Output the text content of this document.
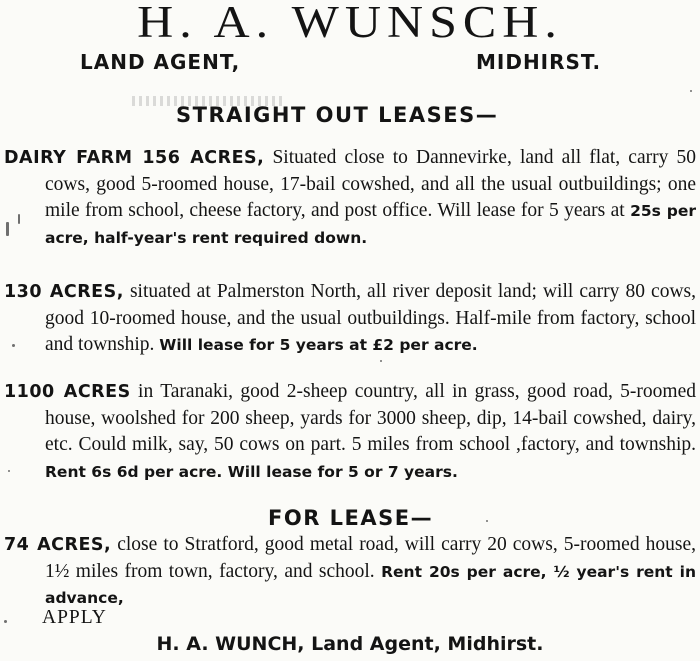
H. A. WUNSCH.
LAND AGENT,	MIDHIRST.
STRAIGHT OUT LEASES—
DAIRY FARM 156 ACRES, Situated close to Dannevirke, land all flat, carry 50 cows, good 5-roomed house, 17-bail cowshed, and all the usual outbuildings; one mile from school, cheese factory, and post office. Will lease for 5 years at 25s per acre, half-year's rent required down.
130 ACRES, situated at Palmerston North, all river deposit land; will carry 80 cows, good 10-roomed house, and the usual outbuildings. Half-mile from factory, school and township. Will lease for 5 years at £2 per acre.
1100 ACRES in Taranaki, good 2-sheep country, all in grass, good road, 5-roomed house, woolshed for 200 sheep, yards for 3000 sheep, dip, 14-bail cowshed, dairy, etc. Could milk, say, 50 cows on part. 5 miles from school ,factory, and township. Rent 6s 6d per acre. Will lease for 5 or 7 years.
FOR LEASE—
74 ACRES, close to Stratford, good metal road, will carry 20 cows, 5-roomed house, 1½ miles from town, factory, and school. Rent 20s per acre, ½ year's rent in advance,
APPLY
H. A. WUNCH, Land Agent, Midhirst.
